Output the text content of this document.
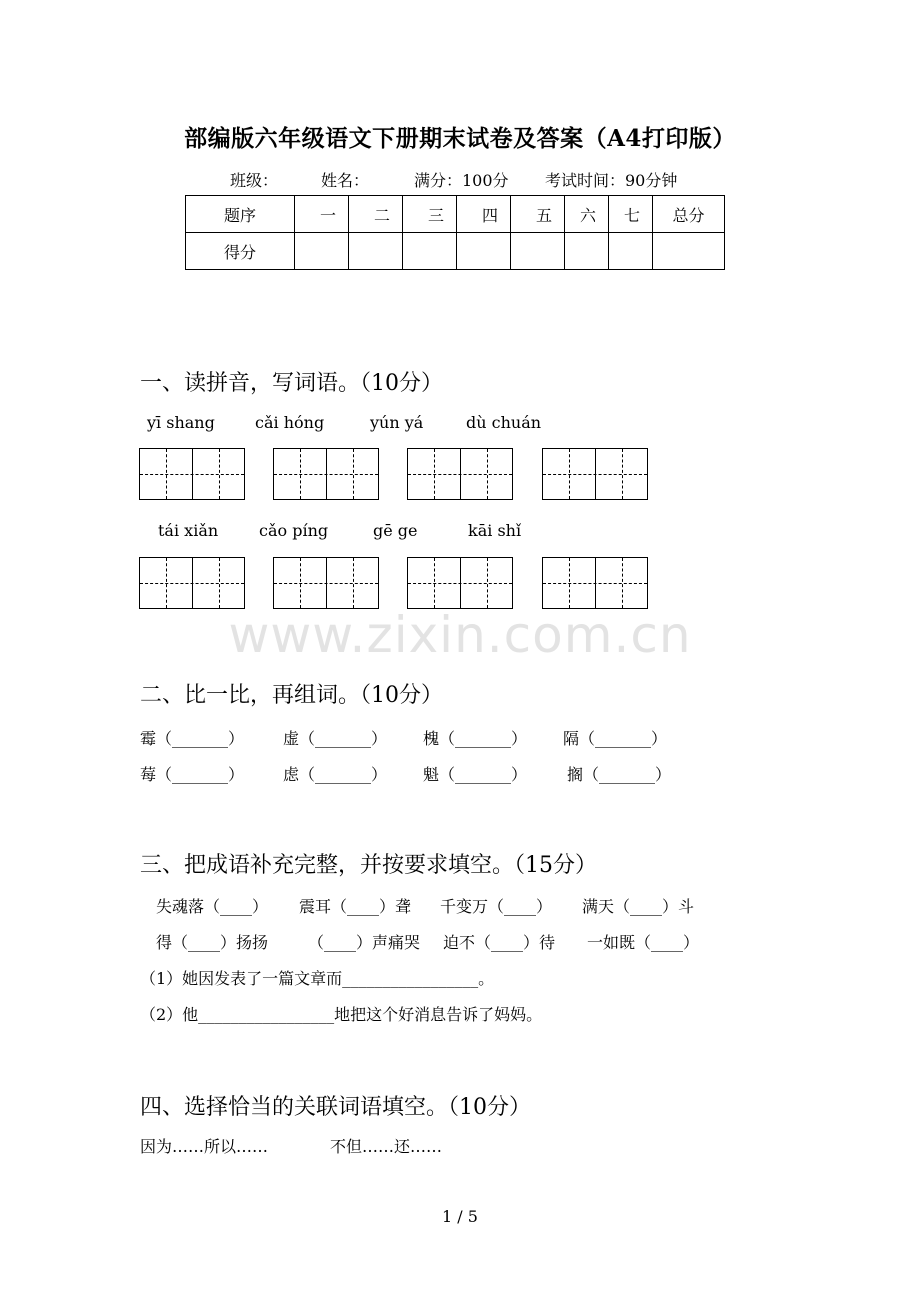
部编版六年级语文下册期末试卷及答案（A4打印版）
班级：	姓名：	满分：100分 考试时间：90分钟
题序	一	二	三	四	五	六	七	总分
得分								
一、读拼音，写词语。（10分）
yī shang	cǎi hóng	yún yá	dù chuán
tái xiǎn	cǎo píng	gē ge	kāi shǐ
www.zixin.com.cn
二、比一比，再组词。（10分）
霉（_______） 虚（_______） 槐（_______） 隔（_______）
莓（_______） 虑（_______） 魁（_______） 搁（_______）
三、把成语补充完整，并按要求填空。（15分）
失魂落（____） 震耳（____）聋 千变万（____） 满天（____）斗
得（____）扬扬 （____）声痛哭 迫不（____）待 一如既（____）
（1）她因发表了一篇文章而_________________。
（2）他_________________地把这个好消息告诉了妈妈。
四、选择恰当的关联词语填空。（10分）
因为……所以……	不但……还……
1 / 5
